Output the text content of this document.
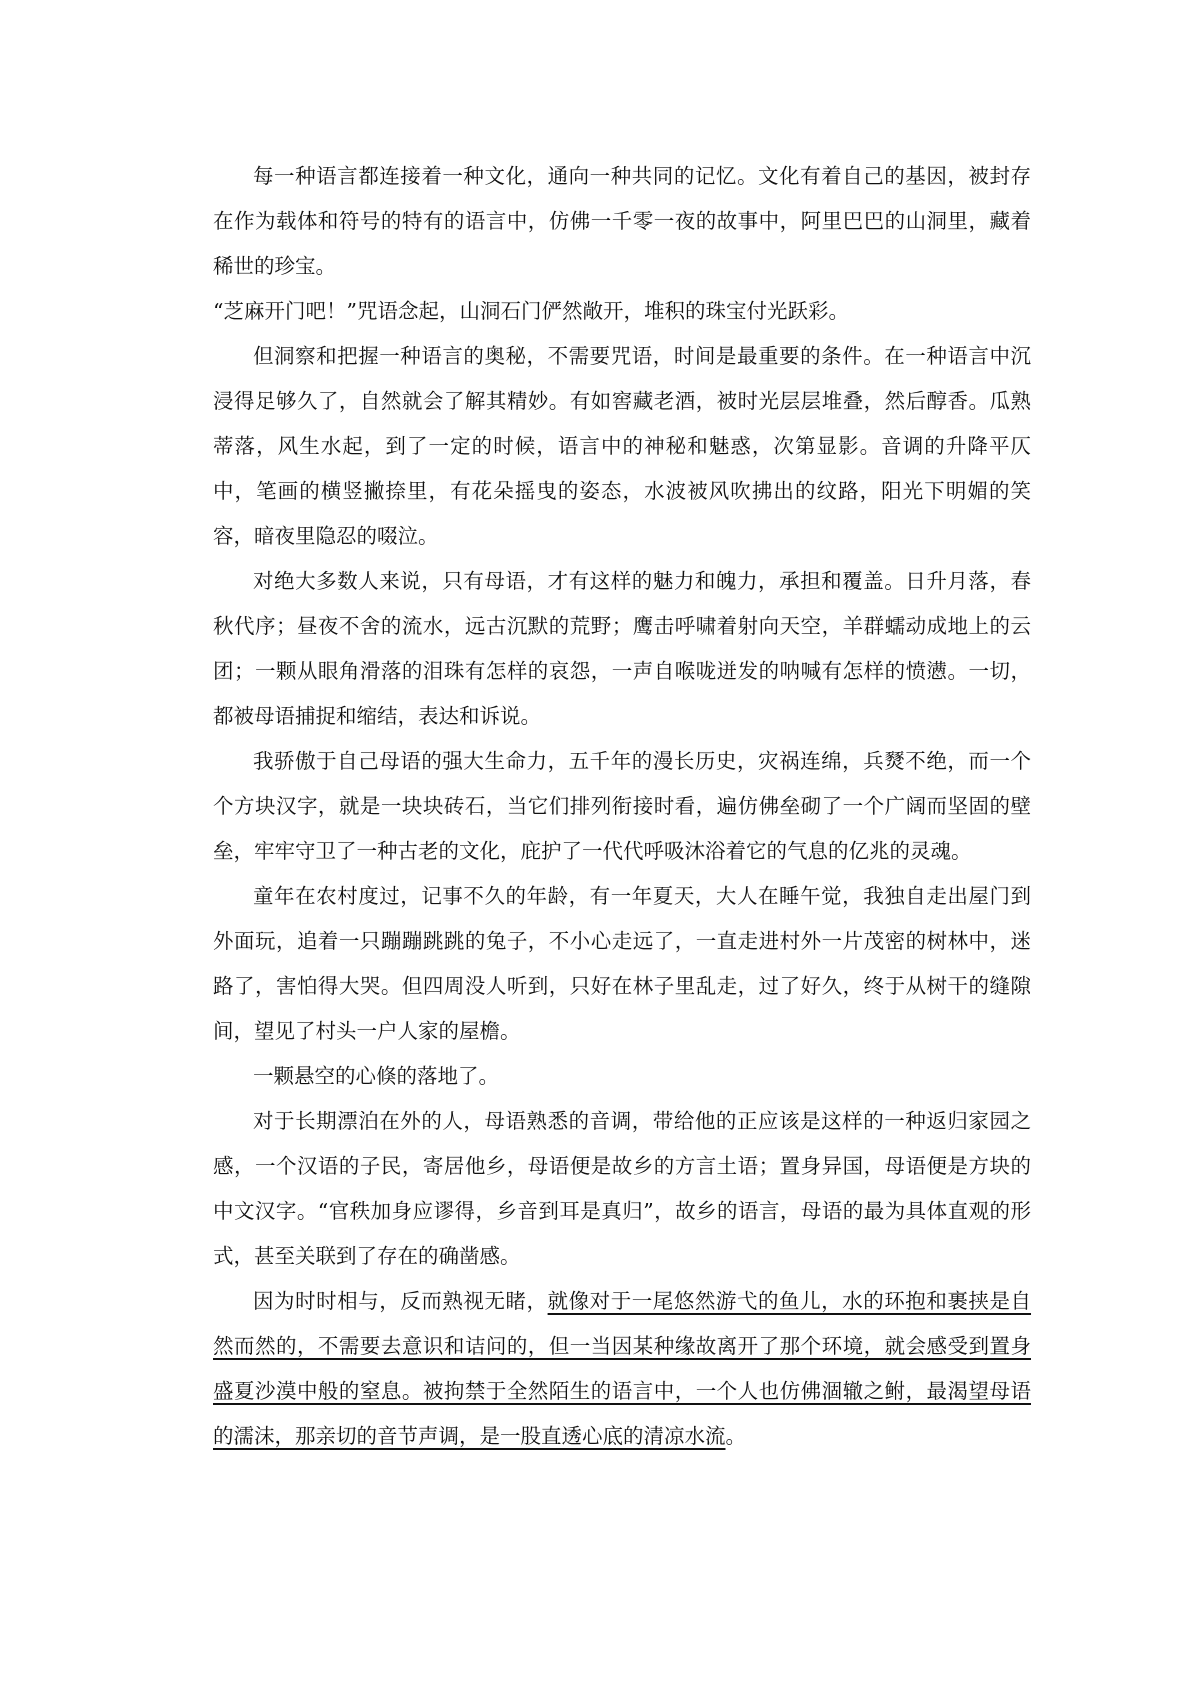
每一种语言都连接着一种文化，通向一种共同的记忆。文化有着自己的基因，被封存在作为载体和符号的特有的语言中，仿佛一千零一夜的故事中，阿里巴巴的山洞里，藏着稀世的珍宝。

“芝麻开门吧！”咒语念起，山洞石门俨然敞开，堆积的珠宝付光跃彩。

但洞察和把握一种语言的奥秘，不需要咒语，时间是最重要的条件。在一种语言中沉浸得足够久了，自然就会了解其精妙。有如窖藏老酒，被时光层层堆叠，然后醇香。瓜熟蒂落，风生水起，到了一定的时候，语言中的神秘和魅惑，次第显影。音调的升降平仄中，笔画的横竖撇捺里，有花朵摇曳的姿态，水波被风吹拂出的纹路，阳光下明媚的笑容，暗夜里隐忍的啜泣。

对绝大多数人来说，只有母语，才有这样的魅力和魄力，承担和覆盖。日升月落，春秋代序；昼夜不舍的流水，远古沉默的荒野；鹰击呼啸着射向天空，羊群蠕动成地上的云团；一颗从眼角滑落的泪珠有怎样的哀怨，一声自喉咙迸发的呐喊有怎样的愤懑。一切，都被母语捕捉和缩结，表达和诉说。

我骄傲于自己母语的强大生命力，五千年的漫长历史，灾祸连绵，兵燹不绝，而一个个方块汉字，就是一块块砖石，当它们排列衔接时看，遍仿佛垒砌了一个广阔而坚固的壁垒，牢牢守卫了一种古老的文化，庇护了一代代呼吸沐浴着它的气息的亿兆的灵魂。

童年在农村度过，记事不久的年龄，有一年夏天，大人在睡午觉，我独自走出屋门到外面玩，追着一只蹦蹦跳跳的兔子，不小心走远了，一直走进村外一片茂密的树林中，迷路了，害怕得大哭。但四周没人听到，只好在林子里乱走，过了好久，终于从树干的缝隙间，望见了村头一户人家的屋檐。

一颗悬空的心倏的落地了。

对于长期漂泊在外的人，母语熟悉的音调，带给他的正应该是这样的一种返归家园之感，一个汉语的子民，寄居他乡，母语便是故乡的方言土语；置身异国，母语便是方块的中文汉字。“官秩加身应谬得，乡音到耳是真归”，故乡的语言，母语的最为具体直观的形式，甚至关联到了存在的确凿感。

因为时时相与，反而熟视无睹，就像对于一尾悠然游弋的鱼儿，水的环抱和裹挟是自然而然的，不需要去意识和诘问的，但一当因某种缘故离开了那个环境，就会感受到置身盛夏沙漠中般的窒息。被拘禁于全然陌生的语言中，一个人也仿佛涸辙之鲋，最渴望母语的濡沫，那亲切的音节声调，是一股直透心底的清凉水流。
